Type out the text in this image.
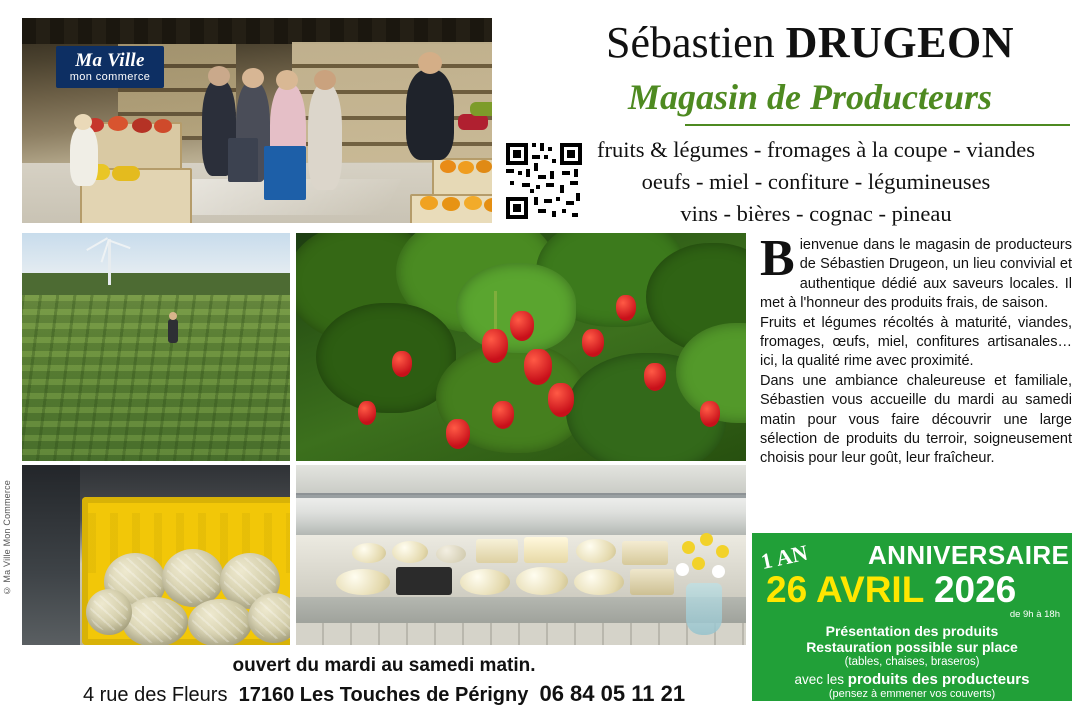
© Ma Ville Mon Commerce
Ma Ville
mon commerce
Sébastien DRUGEON
Magasin de Producteurs
fruits & légumes - fromages à la coupe - viandes
oeufs - miel - confiture - légumineuses
vins - bières - cognac - pineau
B ienvenue dans le magasin de producteurs de Sébastien Drugeon, un lieu convivial et authentique dédié aux saveurs locales. Il met à l'honneur des produits frais, de saison.

Fruits et légumes récoltés à maturité, viandes, fromages, œufs, miel, confitures artisanales… ici, la qualité rime avec proximité.

Dans une ambiance chaleureuse et familiale, Sébastien vous accueille du mardi au samedi matin pour vous faire découvrir une large sélection de produits du terroir, soigneusement choisis pour leur goût, leur fraîcheur.

1 AN ANNIVERSAIRE
26 AVRIL 2026
de 9h à 18h
Présentation des produits
Restauration possible sur place
(tables, chaises, braseros)
avec les produits des producteurs
(pensez à emmener vos couverts)
ouvert du mardi au samedi matin.
4 rue des Fleurs 17160 Les Touches de Périgny 06 84 05 11 21
